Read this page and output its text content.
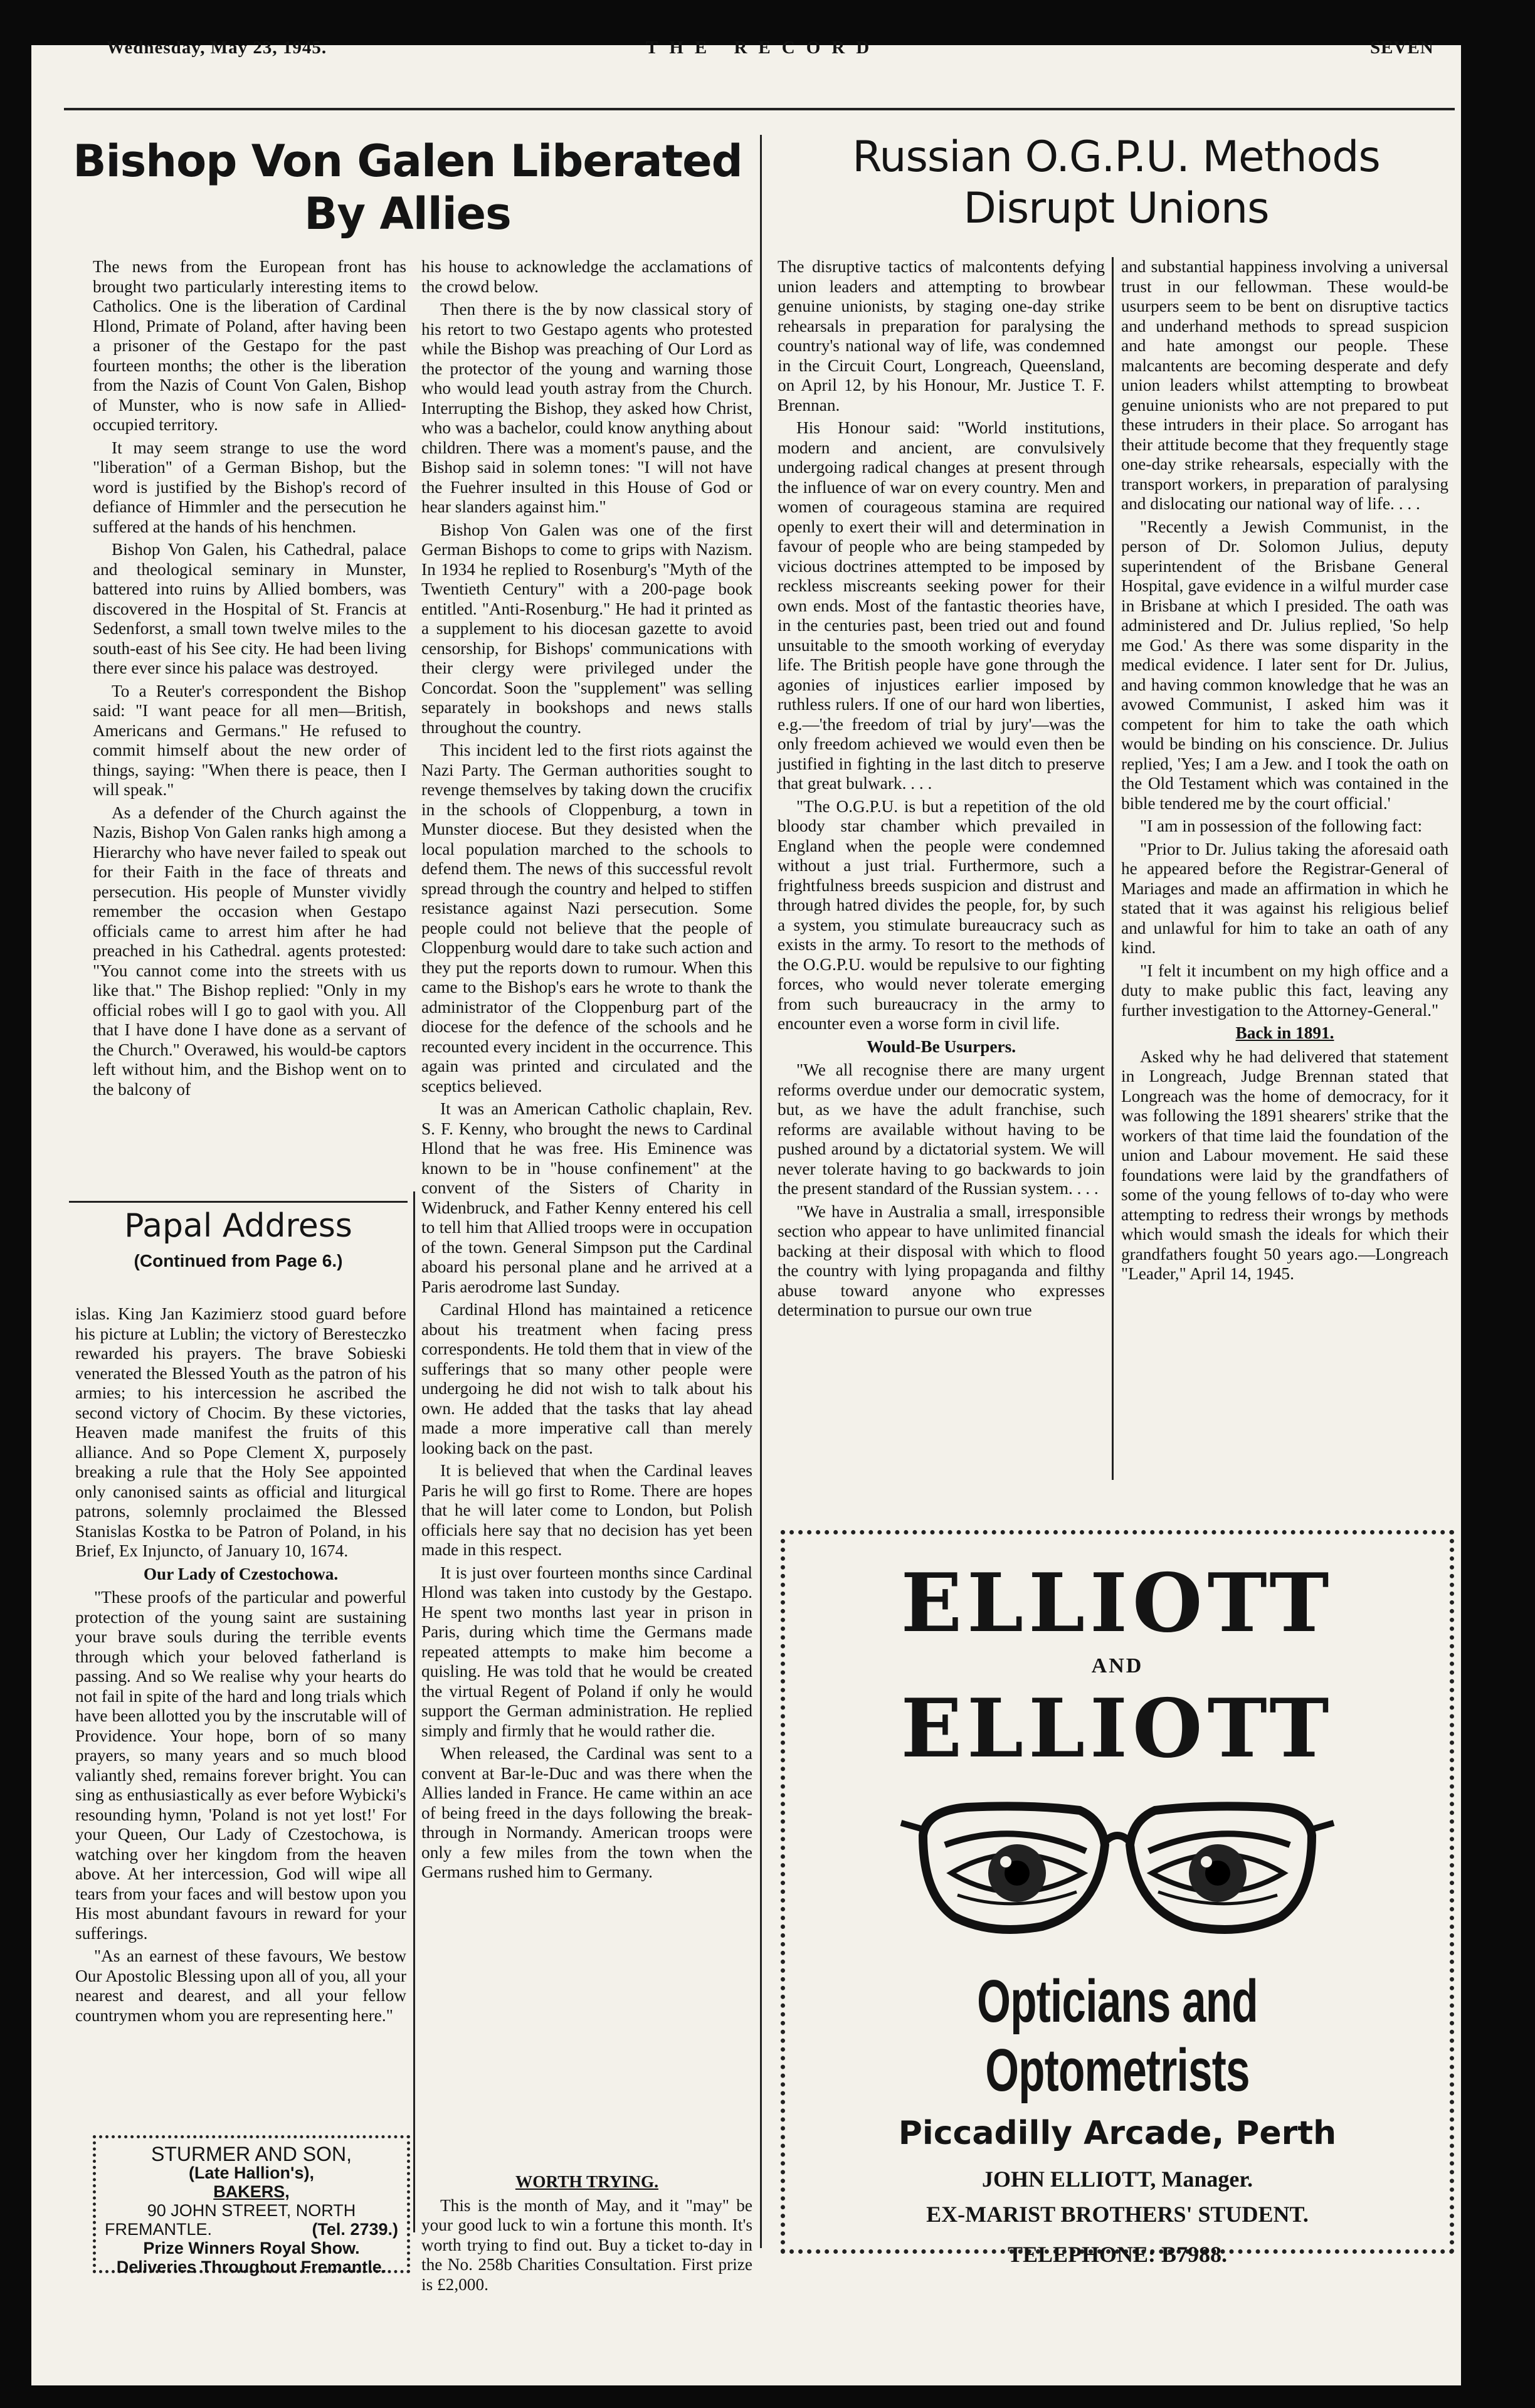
Wednesday, May 23, 1945.	THE RECORD	SEVEN
Bishop Von Galen Liberated
By Allies

The news from the European front has brought two particularly interesting items to Catholics. One is the liberation of Cardinal Hlond, Primate of Poland, after having been a prisoner of the Gestapo for the past fourteen months; the other is the liberation from the Nazis of Count Von Galen, Bishop of Munster, who is now safe in Allied-occupied territory.

It may seem strange to use the word "liberation" of a German Bishop, but the word is justified by the Bishop's record of defiance of Himmler and the persecution he suffered at the hands of his henchmen.

Bishop Von Galen, his Cathedral, palace and theological seminary in Munster, battered into ruins by Allied bombers, was discovered in the Hospital of St. Francis at Sedenforst, a small town twelve miles to the south-east of his See city. He had been living there ever since his palace was destroyed.

To a Reuter's correspondent the Bishop said: "I want peace for all men—British, Americans and Germans." He refused to commit himself about the new order of things, saying: "When there is peace, then I will speak."

As a defender of the Church against the Nazis, Bishop Von Galen ranks high among a Hierarchy who have never failed to speak out for their Faith in the face of threats and persecution. His people of Munster vividly remember the occasion when Gestapo officials came to arrest him after he had preached in his Cathedral. agents protested: "You cannot come into the streets with us like that." The Bishop replied: "Only in my official robes will I go to gaol with you. All that I have done I have done as a servant of the Church." Overawed, his would-be captors left without him, and the Bishop went on to the balcony of

his house to acknowledge the acclamations of the crowd below.

Then there is the by now classical story of his retort to two Gestapo agents who protested while the Bishop was preaching of Our Lord as the protector of the young and warning those who would lead youth astray from the Church. Interrupting the Bishop, they asked how Christ, who was a bachelor, could know anything about children. There was a moment's pause, and the Bishop said in solemn tones: "I will not have the Fuehrer insulted in this House of God or hear slanders against him."

Bishop Von Galen was one of the first German Bishops to come to grips with Nazism. In 1934 he replied to Rosenburg's "Myth of the Twentieth Century" with a 200-page book entitled. "Anti-Rosenburg." He had it printed as a supplement to his diocesan gazette to avoid censorship, for Bishops' communications with their clergy were privileged under the Concordat. Soon the "supplement" was selling separately in bookshops and news stalls throughout the country.

This incident led to the first riots against the Nazi Party. The German authorities sought to revenge themselves by taking down the crucifix in the schools of Cloppenburg, a town in Munster diocese. But they desisted when the local population marched to the schools to defend them. The news of this successful revolt spread through the country and helped to stiffen resistance against Nazi persecution. Some people could not believe that the people of Cloppenburg would dare to take such action and they put the reports down to rumour. When this came to the Bishop's ears he wrote to thank the administrator of the Cloppenburg part of the diocese for the defence of the schools and he recounted every incident in the occurrence. This again was printed and circulated and the sceptics believed.

It was an American Catholic chaplain, Rev. S. F. Kenny, who brought the news to Cardinal Hlond that he was free. His Eminence was known to be in "house confinement" at the convent of the Sisters of Charity in Widenbruck, and Father Kenny entered his cell to tell him that Allied troops were in occupation of the town. General Simpson put the Cardinal aboard his personal plane and he arrived at a Paris aerodrome last Sunday.

Cardinal Hlond has maintained a reticence about his treatment when facing press correspondents. He told them that in view of the sufferings that so many other people were undergoing he did not wish to talk about his own. He added that the tasks that lay ahead made a more imperative call than merely looking back on the past.

It is believed that when the Cardinal leaves Paris he will go first to Rome. There are hopes that he will later come to London, but Polish officials here say that no decision has yet been made in this respect.

It is just over fourteen months since Cardinal Hlond was taken into custody by the Gestapo. He spent two months last year in prison in Paris, during which time the Germans made repeated attempts to make him become a quisling. He was told that he would be created the virtual Regent of Poland if only he would support the German administration. He replied simply and firmly that he would rather die.

When released, the Cardinal was sent to a convent at Bar-le-Duc and was there when the Allies landed in France. He came within an ace of being freed in the days following the break-through in Normandy. American troops were only a few miles from the town when the Germans rushed him to Germany.

WORTH TRYING.

This is the month of May, and it "may" be your good luck to win a fortune this month. It's worth trying to find out. Buy a ticket to-day in the No. 258b Charities Consultation. First prize is £2,000.

Papal Address
(Continued from Page 6.)

islas. King Jan Kazimierz stood guard before his picture at Lublin; the victory of Beresteczko rewarded his prayers. The brave Sobieski venerated the Blessed Youth as the patron of his armies; to his intercession he ascribed the second victory of Chocim. By these victories, Heaven made manifest the fruits of this alliance. And so Pope Clement X, purposely breaking a rule that the Holy See appointed only canonised saints as official and liturgical patrons, solemnly proclaimed the Blessed Stanislas Kostka to be Patron of Poland, in his Brief, Ex Injuncto, of January 10, 1674.

Our Lady of Czestochowa.

"These proofs of the particular and powerful protection of the young saint are sustaining your brave souls during the terrible events through which your beloved fatherland is passing. And so We realise why your hearts do not fail in spite of the hard and long trials which have been allotted you by the inscrutable will of Providence. Your hope, born of so many prayers, so many years and so much blood valiantly shed, remains forever bright. You can sing as enthusiastically as ever before Wybicki's resounding hymn, 'Poland is not yet lost!' For your Queen, Our Lady of Czestochowa, is watching over her kingdom from the heaven above. At her intercession, God will wipe all tears from your faces and will bestow upon you His most abundant favours in reward for your sufferings.

"As an earnest of these favours, We bestow Our Apostolic Blessing upon all of you, all your nearest and dearest, and all your fellow countrymen whom you are representing here."

STURMER AND SON,
(Late Hallion's),
BAKERS,
90 JOHN STREET, NORTH
FREMANTLE.	(Tel. 2739.)
Prize Winners Royal Show.
Deliveries Throughout Fremantle.
Russian O.G.P.U. Methods
Disrupt Unions

The disruptive tactics of malcontents defying union leaders and attempting to browbear genuine unionists, by staging one-day strike rehearsals in preparation for paralysing the country's national way of life, was condemned in the Circuit Court, Longreach, Queensland, on April 12, by his Honour, Mr. Justice T. F. Brennan.

His Honour said: "World institutions, modern and ancient, are convulsively undergoing radical changes at present through the influence of war on every country. Men and women of courageous stamina are required openly to exert their will and determination in favour of people who are being stampeded by vicious doctrines attempted to be imposed by reckless miscreants seeking power for their own ends. Most of the fantastic theories have, in the centuries past, been tried out and found unsuitable to the smooth working of everyday life. The British people have gone through the agonies of injustices earlier imposed by ruthless rulers. If one of our hard won liberties, e.g.—'the freedom of trial by jury'—was the only freedom achieved we would even then be justified in fighting in the last ditch to preserve that great bulwark. . . .

"The O.G.P.U. is but a repetition of the old bloody star chamber which prevailed in England when the people were condemned without a just trial. Furthermore, such a frightfulness breeds suspicion and distrust and through hatred divides the people, for, by such a system, you stimulate bureaucracy such as exists in the army. To resort to the methods of the O.G.P.U. would be repulsive to our fighting forces, who would never tolerate emerging from such bureaucracy in the army to encounter even a worse form in civil life.

Would-Be Usurpers.

"We all recognise there are many urgent reforms overdue under our democratic system, but, as we have the adult franchise, such reforms are available without having to be pushed around by a dictatorial system. We will never tolerate having to go backwards to join the present standard of the Russian system. . . .

"We have in Australia a small, irresponsible section who appear to have unlimited financial backing at their disposal with which to flood the country with lying propaganda and filthy abuse toward anyone who expresses determination to pursue our own true

and substantial happiness involving a universal trust in our fellowman. These would-be usurpers seem to be bent on disruptive tactics and underhand methods to spread suspicion and hate amongst our people. These malcantents are becoming desperate and defy union leaders whilst attempting to browbeat genuine unionists who are not prepared to put these intruders in their place. So arrogant has their attitude become that they frequently stage one-day strike rehearsals, especially with the transport workers, in preparation of paralysing and dislocating our national way of life. . . .

"Recently a Jewish Communist, in the person of Dr. Solomon Julius, deputy superintendent of the Brisbane General Hospital, gave evidence in a wilful murder case in Brisbane at which I presided. The oath was administered and Dr. Julius replied, 'So help me God.' As there was some disparity in the medical evidence. I later sent for Dr. Julius, and having common knowledge that he was an avowed Communist, I asked him was it competent for him to take the oath which would be binding on his conscience. Dr. Julius replied, 'Yes; I am a Jew. and I took the oath on the Old Testament which was contained in the bible tendered me by the court official.'

"I am in possession of the following fact:

"Prior to Dr. Julius taking the aforesaid oath he appeared before the Registrar-General of Mariages and made an affirmation in which he stated that it was against his religious belief and unlawful for him to take an oath of any kind.

"I felt it incumbent on my high office and a duty to make public this fact, leaving any further investigation to the Attorney-General."

Back in 1891.

Asked why he had delivered that statement in Longreach, Judge Brennan stated that Longreach was the home of democracy, for it was following the 1891 shearers' strike that the workers of that time laid the foundation of the union and Labour movement. He said these foundations were laid by the grandfathers of some of the young fellows of to-day who were attempting to redress their wrongs by methods which would smash the ideals for which their grandfathers fought 50 years ago.—Longreach "Leader," April 14, 1945.

ELLIOTT
AND
ELLIOTT
Opticians and Optometrists
Piccadilly Arcade, Perth
JOHN ELLIOTT, Manager.
EX-MARIST BROTHERS' STUDENT.
TELEPHONE: B7988.
